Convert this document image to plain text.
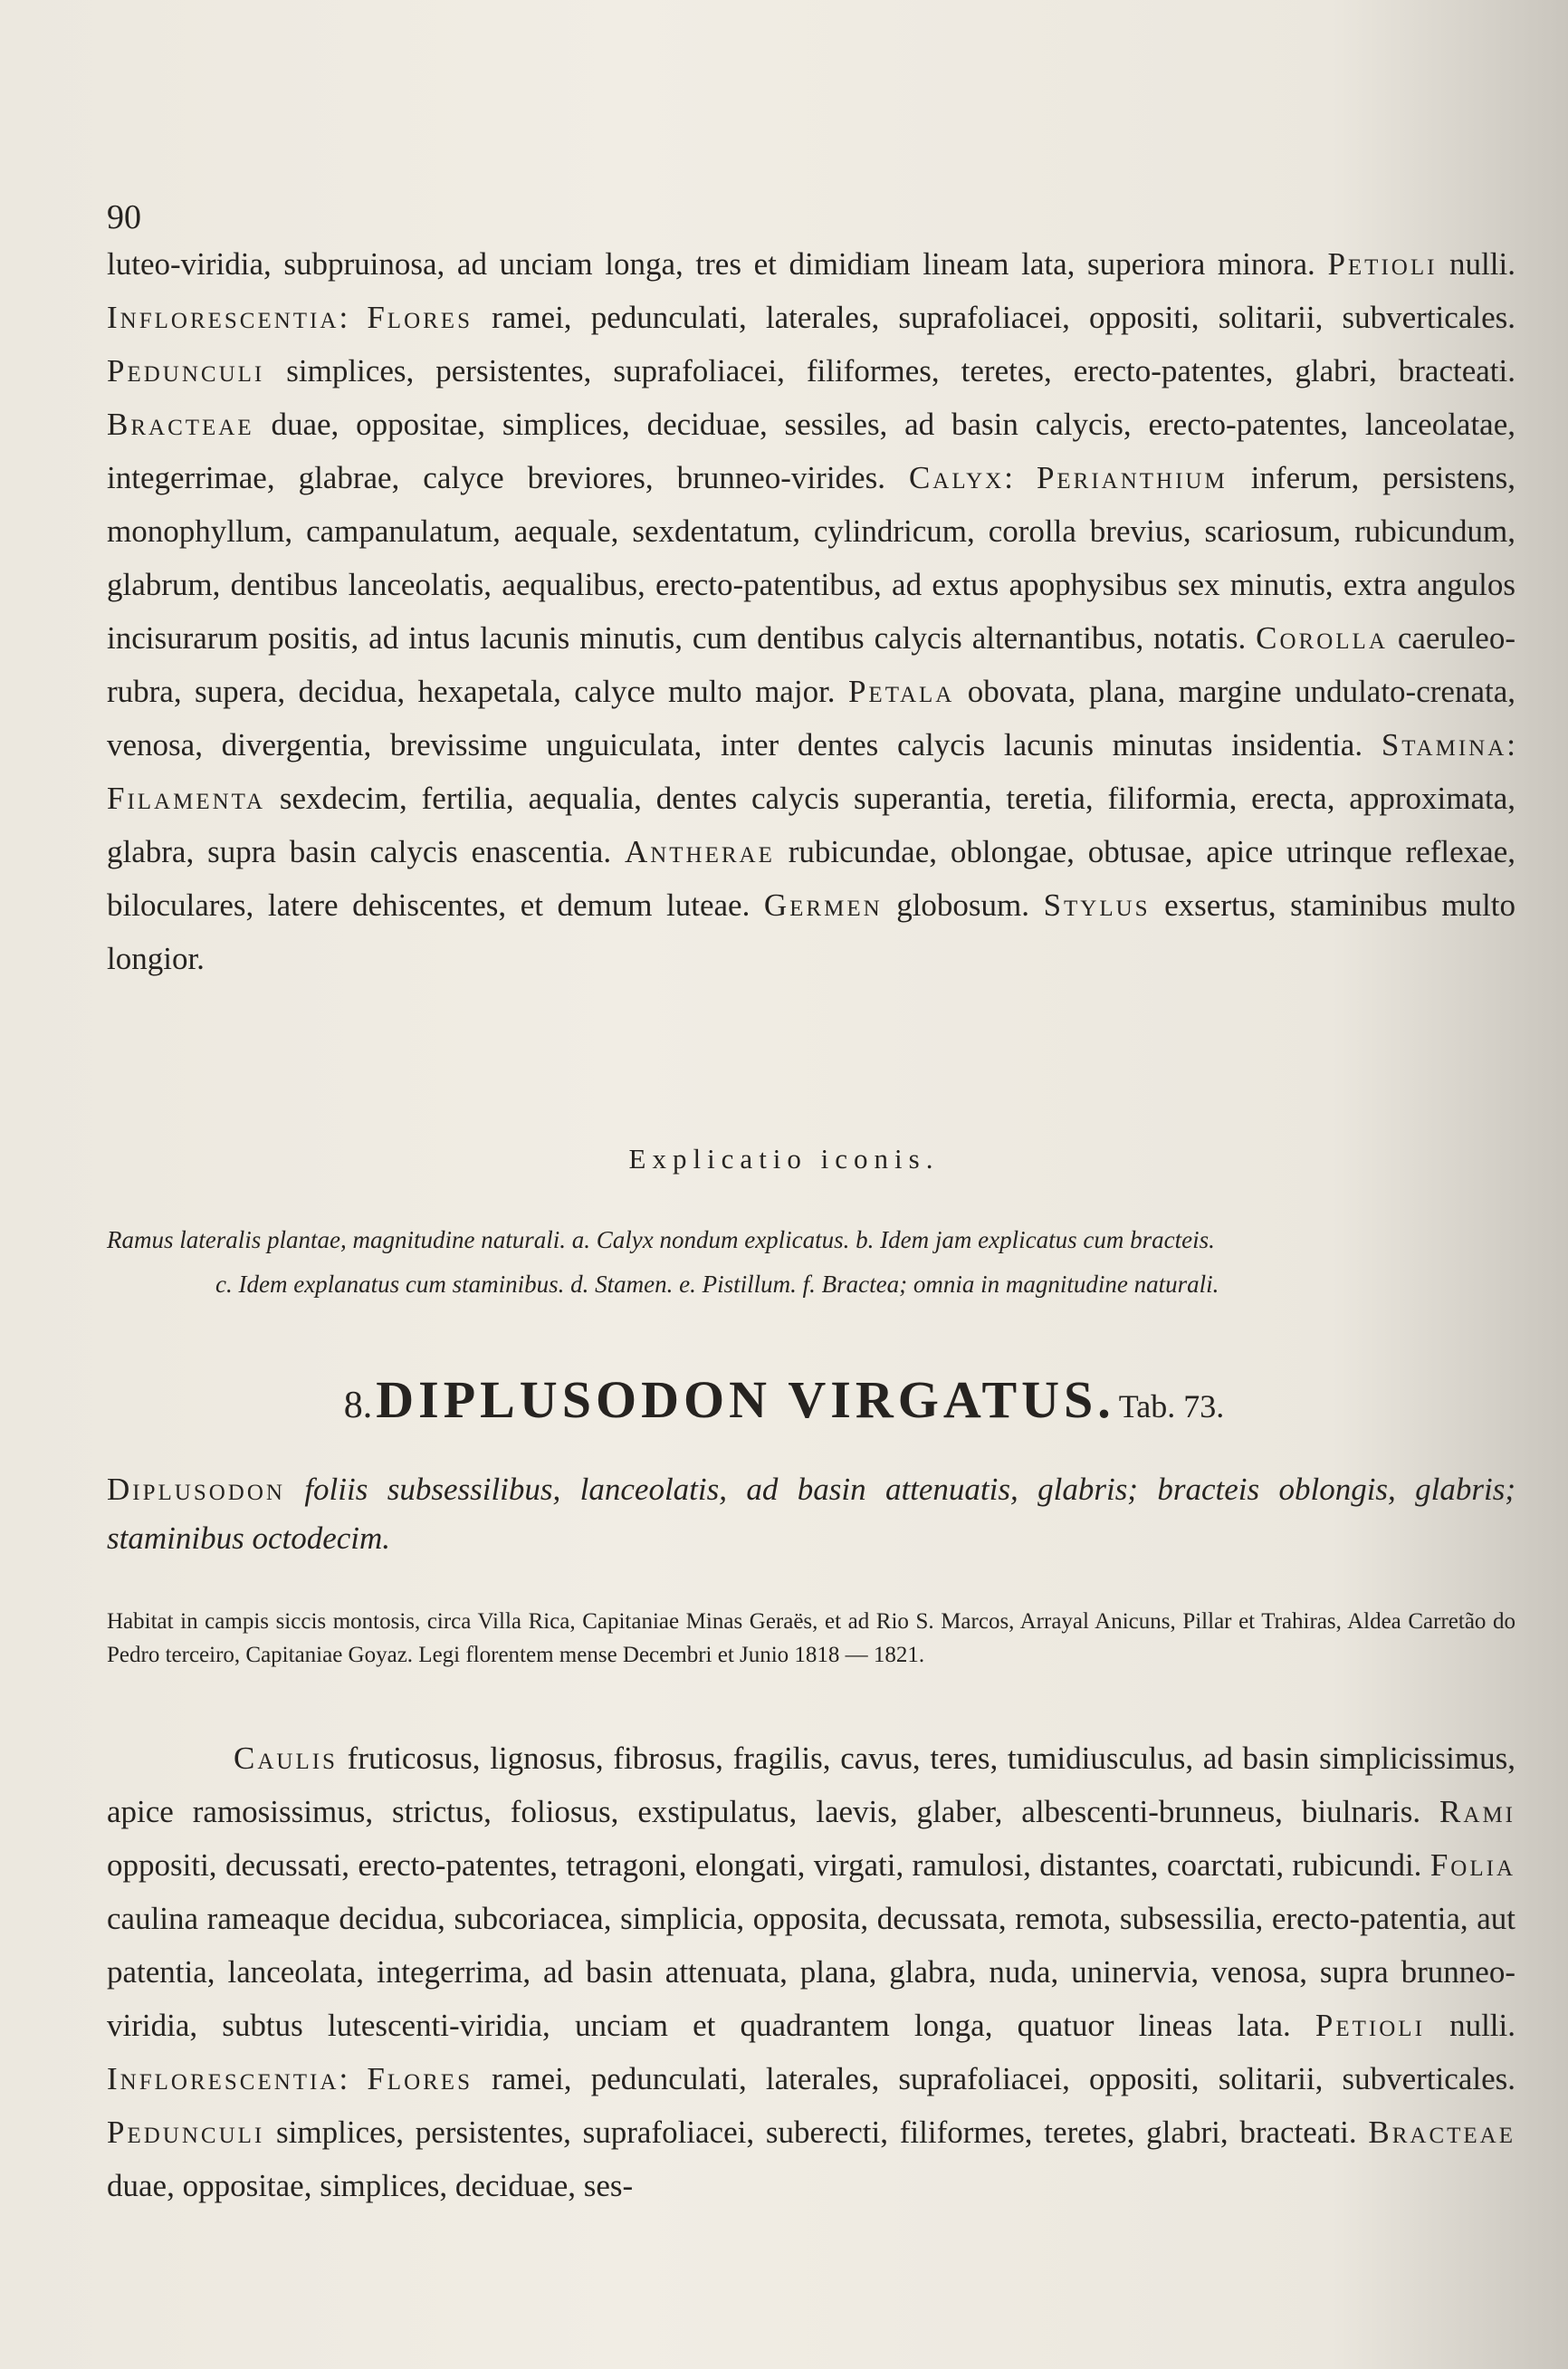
90

luteo-viridia, subpruinosa, ad unciam longa, tres et dimidiam lineam lata, superiora minora. Petioli nulli. Inflorescentia: Flores ramei, pedunculati, laterales, suprafoliacei, oppositi, solitarii, subverticales. Pedunculi simplices, persistentes, suprafoliacei, filiformes, teretes, erecto-patentes, glabri, bracteati. Bracteae duae, oppositae, simplices, deciduae, sessiles, ad basin calycis, erecto-patentes, lanceolatae, integerrimae, glabrae, calyce breviores, brunneo-virides. Calyx: Perianthium inferum, persistens, monophyllum, campanulatum, aequale, sexdentatum, cylindricum, corolla brevius, scariosum, rubicundum, glabrum, dentibus lanceolatis, aequalibus, erecto-patentibus, ad extus apophysibus sex minutis, extra angulos incisurarum positis, ad intus lacunis minutis, cum dentibus calycis alternantibus, notatis. Corolla caeruleo-rubra, supera, decidua, hexapetala, calyce multo major. Petala obovata, plana, margine undulato-crenata, venosa, divergentia, brevissime unguiculata, inter dentes calycis lacunis minutas insidentia. Stamina: Filamenta sexdecim, fertilia, aequalia, dentes calycis superantia, teretia, filiformia, erecta, approximata, glabra, supra basin calycis enascentia. Antherae rubicundae, oblongae, obtusae, apice utrinque reflexae, biloculares, latere dehiscentes, et demum luteae. Germen globosum. Stylus exsertus, staminibus multo longior.

Explicatio iconis.
Ramus lateralis plantae, magnitudine naturali. a. Calyx nondum explicatus. b. Idem jam explicatus cum bracteis.
c. Idem explanatus cum staminibus. d. Stamen. e. Pistillum. f. Bractea; omnia in magnitudine naturali.
8. DIPLUSODON VIRGATUS. Tab. 73.
Diplusodon foliis subsessilibus, lanceolatis, ad basin attenuatis, glabris; bracteis oblongis, glabris; staminibus octodecim.
Habitat in campis siccis montosis, circa Villa Rica, Capitaniae Minas Geraës, et ad Rio S. Marcos, Arrayal Anicuns, Pillar et Trahiras, Aldea Carretão do Pedro terceiro, Capitaniae Goyaz. Legi florentem mense Decembri et Junio 1818 — 1821.

Caulis fruticosus, lignosus, fibrosus, fragilis, cavus, teres, tumidiusculus, ad basin simplicissimus, apice ramosissimus, strictus, foliosus, exstipulatus, laevis, glaber, albescenti-brunneus, biulnaris. Rami oppositi, decussati, erecto-patentes, tetragoni, elongati, virgati, ramulosi, distantes, coarctati, rubicundi. Folia caulina rameaque decidua, subcoriacea, simplicia, opposita, decussata, remota, subsessilia, erecto-patentia, aut patentia, lanceolata, integerrima, ad basin attenuata, plana, glabra, nuda, uninervia, venosa, supra brunneo-viridia, subtus lutescenti-viridia, unciam et quadrantem longa, quatuor lineas lata. Petioli nulli. Inflorescentia: Flores ramei, pedunculati, laterales, suprafoliacei, oppositi, solitarii, subverticales. Pedunculi simplices, persistentes, suprafoliacei, suberecti, filiformes, teretes, glabri, bracteati. Bracteae duae, oppositae, simplices, deciduae, ses-
